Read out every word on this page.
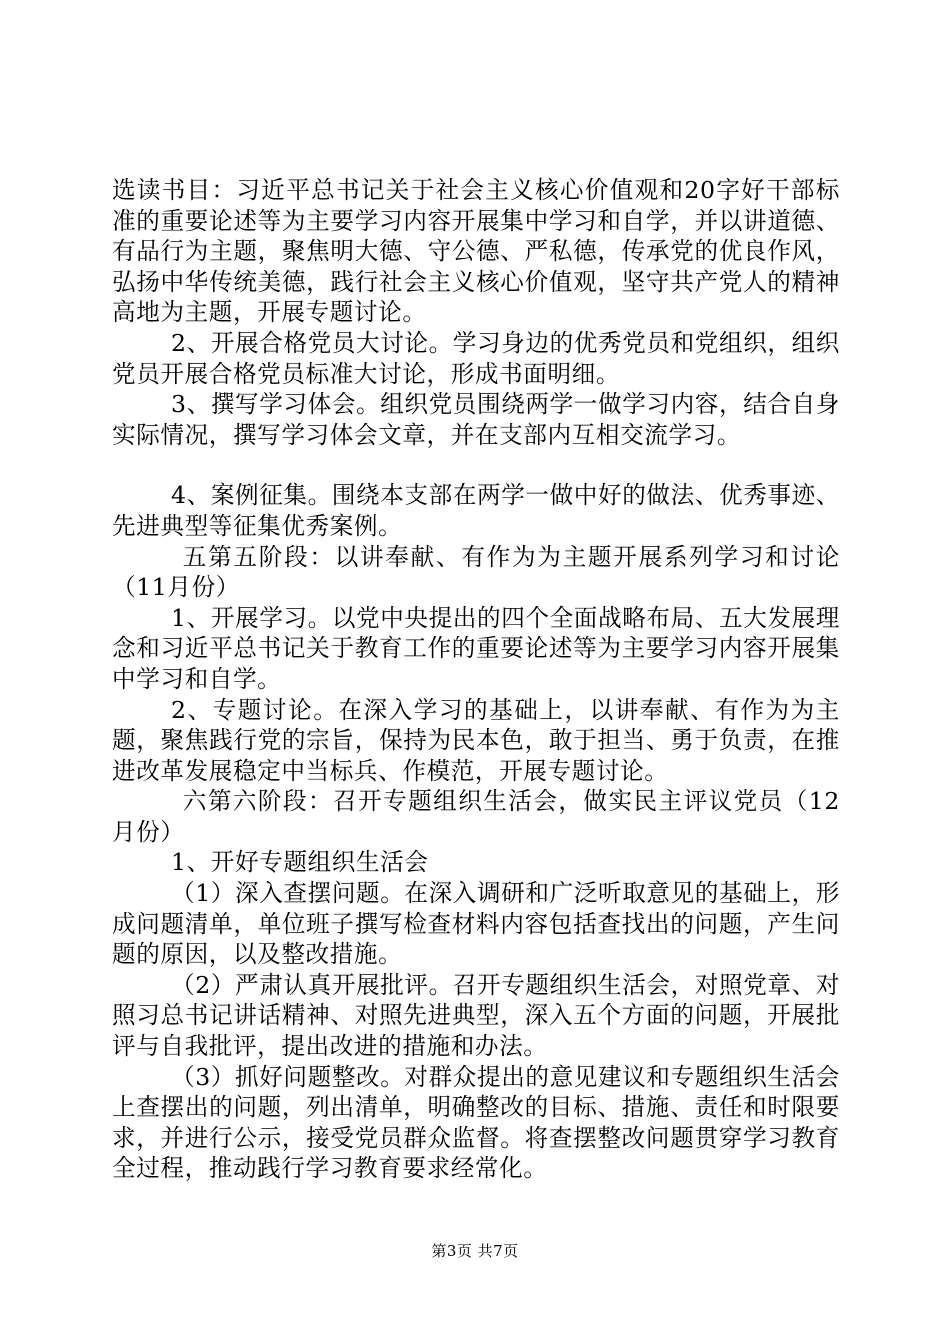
选读书目：习近平总书记关于社会主义核心价值观和20字好干部标准的重要论述等为主要学习内容开展集中学习和自学，并以讲道德、有品行为主题，聚焦明大德、守公德、严私德，传承党的优良作风，弘扬中华传统美德，践行社会主义核心价值观，坚守共产党人的精神高地为主题，开展专题讨论。

2、开展合格党员大讨论。学习身边的优秀党员和党组织，组织党员开展合格党员标准大讨论，形成书面明细。

3、撰写学习体会。组织党员围绕两学一做学习内容，结合自身实际情况，撰写学习体会文章，并在支部内互相交流学习。

4、案例征集。围绕本支部在两学一做中好的做法、优秀事迹、先进典型等征集优秀案例。

五第五阶段：以讲奉献、有作为为主题开展系列学习和讨论（11月份）

1、开展学习。以党中央提出的四个全面战略布局、五大发展理念和习近平总书记关于教育工作的重要论述等为主要学习内容开展集中学习和自学。

2、专题讨论。在深入学习的基础上，以讲奉献、有作为为主题，聚焦践行党的宗旨，保持为民本色，敢于担当、勇于负责，在推进改革发展稳定中当标兵、作模范，开展专题讨论。

六第六阶段：召开专题组织生活会，做实民主评议党员（12月份）

1、开好专题组织生活会

（1）深入查摆问题。在深入调研和广泛听取意见的基础上，形成问题清单，单位班子撰写检查材料内容包括查找出的问题，产生问题的原因，以及整改措施。

（2）严肃认真开展批评。召开专题组织生活会，对照党章、对照习总书记讲话精神、对照先进典型，深入五个方面的问题，开展批评与自我批评，提出改进的措施和办法。

（3）抓好问题整改。对群众提出的意见建议和专题组织生活会上查摆出的问题，列出清单，明确整改的目标、措施、责任和时限要求，并进行公示，接受党员群众监督。将查摆整改问题贯穿学习教育全过程，推动践行学习教育要求经常化。

第3页 共7页
